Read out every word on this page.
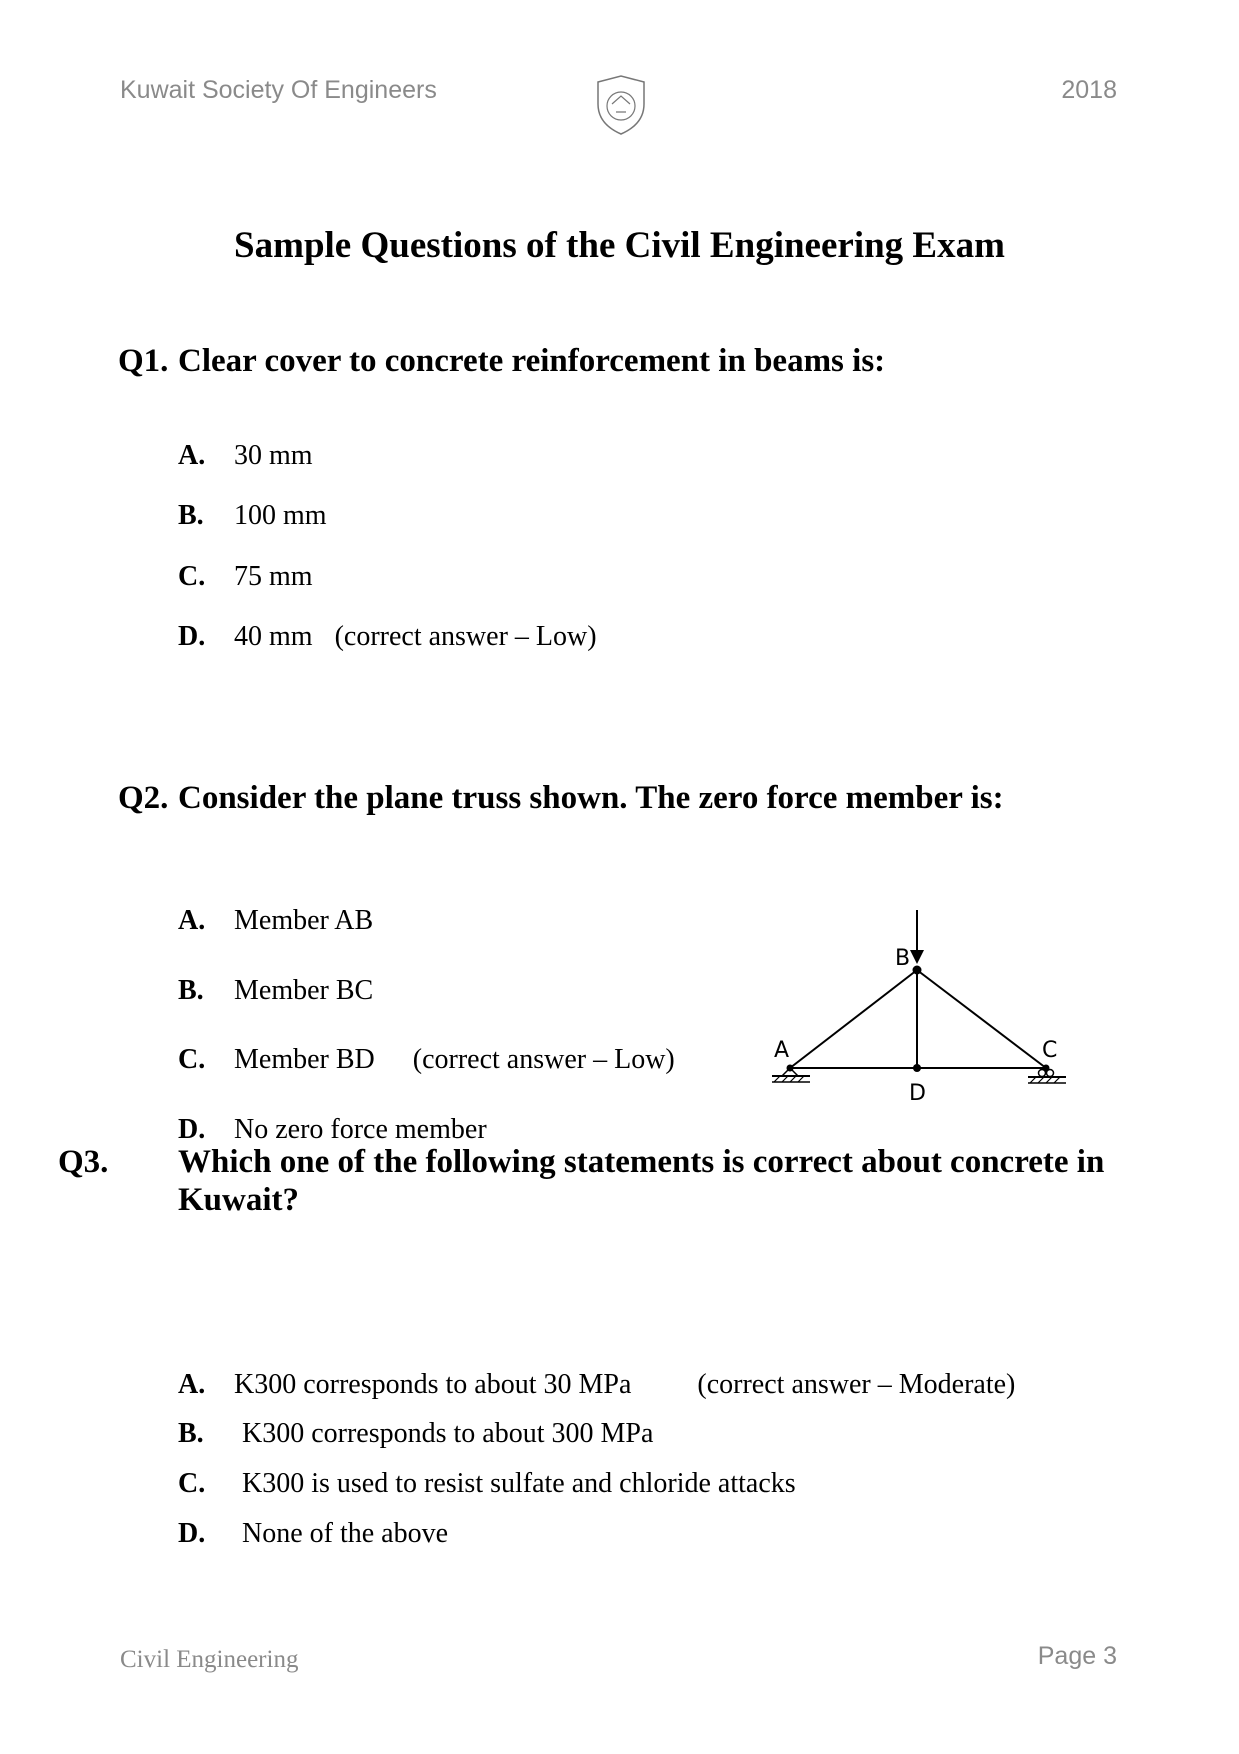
Kuwait Society Of Engineers	2018
Sample Questions of the Civil Engineering Exam
Q1. Clear cover to concrete reinforcement in beams is:
A. 30 mm
B. 100 mm
C. 75 mm
D. 40 mm (correct answer – Low)
Q2. Consider the plane truss shown. The zero force member is:
A. Member AB
B. Member BC
C. Member BD (correct answer – Low)
D. No zero force member
B
A	C
D
Q3. Which one of the following statements is correct about concrete in Kuwait?
A. K300 corresponds to about 30 MPa (correct answer – Moderate)
B. K300 corresponds to about 300 MPa
C. K300 is used to resist sulfate and chloride attacks
D. None of the above
Civil Engineering	Page 3
